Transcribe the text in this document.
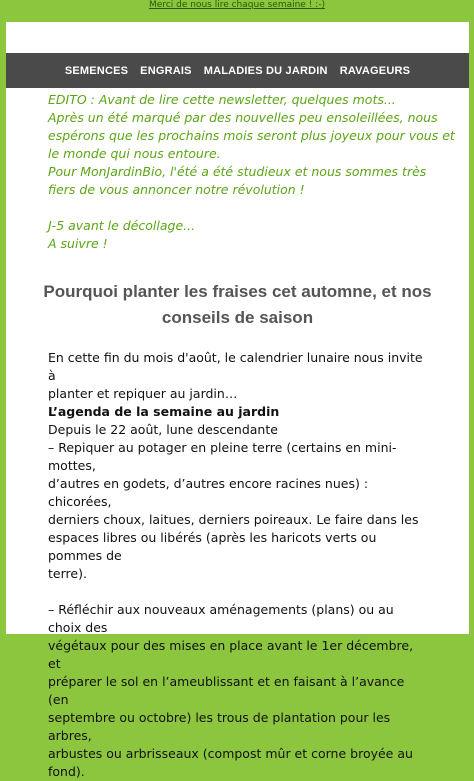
Merci de nous lire chaque semaine ! :-)
SEMENCES ENGRAIS MALADIES DU JARDIN RAVAGEURS

EDITO : Avant de lire cette newsletter, quelques mots...

Après un été marqué par des nouvelles peu ensoleillées, nous

espérons que les prochains mois seront plus joyeux pour vous et

le monde qui nous entoure.

Pour MonJardinBio, l'été a été studieux et nous sommes très

fiers de vous annoncer notre révolution !

J-5 avant le décollage...

A suivre !

Pourquoi planter les fraises cet automne, et nos conseils de saison

En cette fin du mois d'août, le calendrier lunaire nous invite à

planter et repiquer au jardin…

L’agenda de la semaine au jardin

Depuis le 22 août, lune descendante

– Repiquer au potager en pleine terre (certains en mini-mottes,

d’autres en godets, d’autres encore racines nues) : chicorées,

derniers choux, laitues, derniers poireaux. Le faire dans les

espaces libres ou libérés (après les haricots verts ou pommes de

terre).

– Réfléchir aux nouveaux aménagements (plans) ou au choix des

végétaux pour des mises en place avant le 1er décembre, et

préparer le sol en l’ameublissant et en faisant à l’avance (en

septembre ou octobre) les trous de plantation pour les arbres,

arbustes ou arbrisseaux (compost mûr et corne broyée au fond).
